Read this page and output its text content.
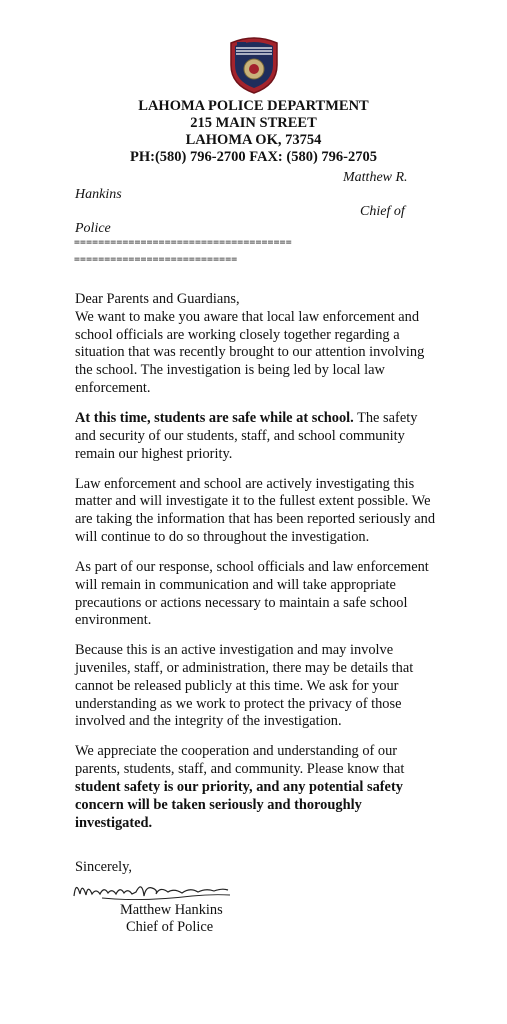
LAHOMA POLICE DEPARTMENT
215 MAIN STREET
LAHOMA OK, 73754
PH:(580) 796-2700 FAX: (580) 796-2705
Matthew R.
Hankins
Chief of
Police
====================================
===========================

Dear Parents and Guardians,
We want to make you aware that local law enforcement and school officials are working closely together regarding a situation that was recently brought to our attention involving the school. The investigation is being led by local law enforcement.

At this time, students are safe while at school. The safety and security of our students, staff, and school community remain our highest priority.

Law enforcement and school are actively investigating this matter and will investigate it to the fullest extent possible. We are taking the information that has been reported seriously and will continue to do so throughout the investigation.

As part of our response, school officials and law enforcement will remain in communication and will take appropriate precautions or actions necessary to maintain a safe school environment.

Because this is an active investigation and may involve juveniles, staff, or administration, there may be details that cannot be released publicly at this time. We ask for your understanding as we work to protect the privacy of those involved and the integrity of the investigation.

We appreciate the cooperation and understanding of our parents, students, staff, and community. Please know that student safety is our priority, and any potential safety concern will be taken seriously and thoroughly investigated.

Sincerely,
Matthew Hankins
Chief of Police
